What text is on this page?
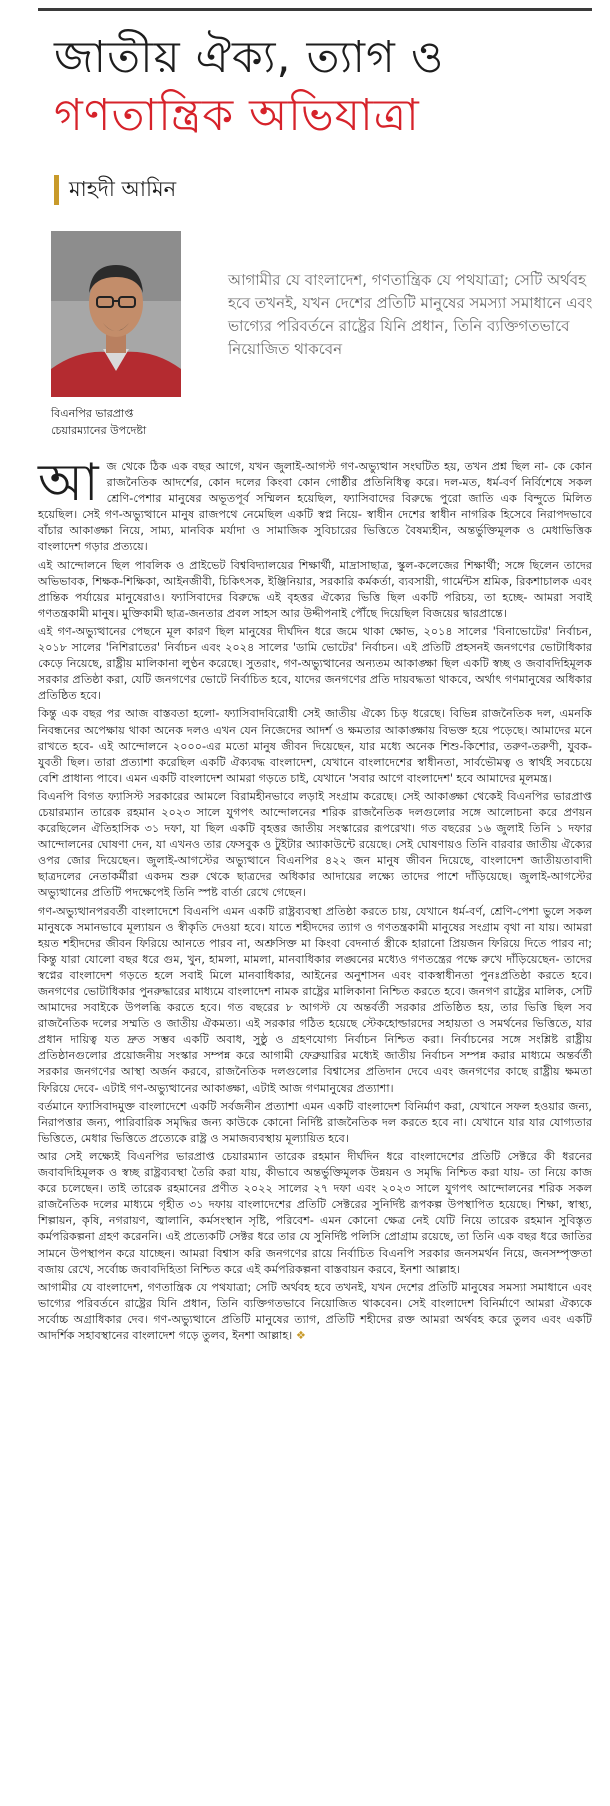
জাতীয় ঐক্য, ত্যাগ ও
গণতান্ত্রিক অভিযাত্রা
মাহদী আমিন
বিএনপির ভারপ্রাপ্ত
চেয়ারম্যানের উপদেষ্টা

আগামীর যে বাংলাদেশ, গণতান্ত্রিক যে পথযাত্রা; সেটি অর্থবহ হবে তখনই, যখন দেশের প্রতিটি মানুষের সমস্যা সমাধানে এবং ভাগ্যের পরিবর্তনে রাষ্ট্রের যিনি প্রধান, তিনি ব্যক্তিগতভাবে নিয়োজিত থাকবেন

আজ থেকে ঠিক এক বছর আগে, যখন জুলাই-আগস্ট গণ-অভ্যুত্থান সংঘটিত হয়, তখন প্রশ্ন ছিল না- কে কোন রাজনৈতিক আদর্শের, কোন দলের কিংবা কোন গোষ্ঠীর প্রতিনিধিত্ব করে। দল-মত, ধর্ম-বর্ণ নির্বিশেষে সকল শ্রেণি-পেশার মানুষের অভূতপূর্ব সম্মিলন হয়েছিল, ফ্যাসিবাদের বিরুদ্ধে পুরো জাতি এক বিন্দুতে মিলিত হয়েছিল। সেই গণ-অভ্যুত্থানে মানুষ রাজপথে নেমেছিল একটি স্বপ্ন নিয়ে- স্বাধীন দেশের স্বাধীন নাগরিক হিসেবে নিরাপদভাবে বাঁচার আকাঙ্ক্ষা নিয়ে, সাম্য, মানবিক মর্যাদা ও সামাজিক সুবিচারের ভিত্তিতে বৈষম্যহীন, অন্তর্ভুক্তিমূলক ও মেধাভিত্তিক বাংলাদেশ গড়ার প্রত্যয়ে।

এই আন্দোলনে ছিল পাবলিক ও প্রাইভেট বিশ্ববিদ্যালয়ের শিক্ষার্থী, মাদ্রাসাছাত্র, স্কুল-কলেজের শিক্ষার্থী; সঙ্গে ছিলেন তাদের অভিভাবক, শিক্ষক-শিক্ষিকা, আইনজীবী, চিকিৎসক, ইঞ্জিনিয়ার, সরকারি কর্মকর্তা, ব্যবসায়ী, গার্মেন্টস শ্রমিক, রিকশাচালক এবং প্রান্তিক পর্যায়ের মানুষেরাও। ফ্যাসিবাদের বিরুদ্ধে এই বৃহত্তর ঐক্যের ভিত্তি ছিল একটি পরিচয়, তা হচ্ছে- আমরা সবাই গণতন্ত্রকামী মানুষ। মুক্তিকামী ছাত্র-জনতার প্রবল সাহস আর উদ্দীপনাই পৌঁছে দিয়েছিল বিজয়ের দ্বারপ্রান্তে।

এই গণ-অভ্যুত্থানের পেছনে মূল কারণ ছিল মানুষের দীর্ঘদিন ধরে জমে থাকা ক্ষোভ, ২০১৪ সালের 'বিনাভোটের' নির্বাচন, ২০১৮ সালের 'নিশিরাতের' নির্বাচন এবং ২০২৪ সালের 'ডামি ভোটের' নির্বাচন। এই প্রতিটি প্রহসনই জনগণের ভোটাধিকার কেড়ে নিয়েছে, রাষ্ট্রীয় মালিকানা লুণ্ঠন করেছে। সুতরাং, গণ-অভ্যুত্থানের অন্যতম আকাঙ্ক্ষা ছিল একটি স্বচ্ছ ও জবাবদিহিমূলক সরকার প্রতিষ্ঠা করা, যেটি জনগণের ভোটে নির্বাচিত হবে, যাদের জনগণের প্রতি দায়বদ্ধতা থাকবে, অর্থাৎ গণমানুষের অধিকার প্রতিষ্ঠিত হবে।

কিন্তু এক বছর পর আজ বাস্তবতা হলো- ফ্যাসিবাদবিরোধী সেই জাতীয় ঐক্যে চিড় ধরেছে। বিভিন্ন রাজনৈতিক দল, এমনকি নিবন্ধনের অপেক্ষায় থাকা অনেক দলও এখন যেন নিজেদের আদর্শ ও ক্ষমতার আকাঙ্ক্ষায় বিভক্ত হয়ে পড়েছে। আমাদের মনে রাখতে হবে- এই আন্দোলনে ২০০০-এর মতো মানুষ জীবন দিয়েছেন, যার মধ্যে অনেক শিশু-কিশোর, তরুণ-তরুণী, যুবক-যুবতী ছিল। তারা প্রত্যাশা করেছিল একটি ঐক্যবদ্ধ বাংলাদেশ, যেখানে বাংলাদেশের স্বাধীনতা, সার্বভৌমত্ব ও স্বার্থই সবচেয়ে বেশি প্রাধান্য পাবে। এমন একটি বাংলাদেশ আমরা গড়তে চাই, যেখানে 'সবার আগে বাংলাদেশ' হবে আমাদের মূলমন্ত্র।

বিএনপি বিগত ফ্যাসিস্ট সরকারের আমলে বিরামহীনভাবে লড়াই সংগ্রাম করেছে। সেই আকাঙ্ক্ষা থেকেই বিএনপির ভারপ্রাপ্ত চেয়ারম্যান তারেক রহমান ২০২৩ সালে যুগপৎ আন্দোলনের শরিক রাজনৈতিক দলগুলোর সঙ্গে আলোচনা করে প্রণয়ন করেছিলেন ঐতিহাসিক ৩১ দফা, যা ছিল একটি বৃহত্তর জাতীয় সংস্কারের রূপরেখা। গত বছরের ১৬ জুলাই তিনি ১ দফার আন্দোলনের ঘোষণা দেন, যা এখনও তার ফেসবুক ও টুইটার অ্যাকাউন্টে রয়েছে। সেই ঘোষণায়ও তিনি বারবার জাতীয় ঐক্যের ওপর জোর দিয়েছেন। জুলাই-আগস্টের অভ্যুত্থানে বিএনপির ৪২২ জন মানুষ জীবন দিয়েছে, বাংলাদেশ জাতীয়তাবাদী ছাত্রদলের নেতাকর্মীরা একদম শুরু থেকে ছাত্রদের অধিকার আদায়ের লক্ষ্যে তাদের পাশে দাঁড়িয়েছে। জুলাই-আগস্টের অভ্যুত্থানের প্রতিটি পদক্ষেপেই তিনি স্পষ্ট বার্তা রেখে গেছেন।

গণ-অভ্যুত্থানপরবর্তী বাংলাদেশে বিএনপি এমন একটি রাষ্ট্রব্যবস্থা প্রতিষ্ঠা করতে চায়, যেখানে ধর্ম-বর্ণ, শ্রেণি-পেশা ভুলে সকল মানুষকে সমানভাবে মূল্যায়ন ও স্বীকৃতি দেওয়া হবে। যাতে শহীদদের ত্যাগ ও গণতন্ত্রকামী মানুষের সংগ্রাম বৃথা না যায়। আমরা হয়ত শহীদদের জীবন ফিরিয়ে আনতে পারব না, অশ্রুসিক্ত মা কিংবা বেদনার্ত স্ত্রীকে হারানো প্রিয়জন ফিরিয়ে দিতে পারব না; কিন্তু যারা যোলো বছর ধরে গুম, খুন, হামলা, মামলা, মানবাধিকার লঙ্ঘনের মধ্যেও গণতন্ত্রের পক্ষে রুখে দাঁড়িয়েছেন- তাদের স্বপ্নের বাংলাদেশ গড়তে হলে সবাই মিলে মানবাধিকার, আইনের অনুশাসন এবং বাকস্বাধীনতা পুনঃপ্রতিষ্ঠা করতে হবে। জনগণের ভোটাধিকার পুনরুদ্ধারের মাধ্যমে বাংলাদেশ নামক রাষ্ট্রের মালিকানা নিশ্চিত করতে হবে। জনগণ রাষ্ট্রের মালিক, সেটি আমাদের সবাইকে উপলব্ধি করতে হবে। গত বছরের ৮ আগস্ট যে অন্তর্বর্তী সরকার প্রতিষ্ঠিত হয়, তার ভিত্তি ছিল সব রাজনৈতিক দলের সম্মতি ও জাতীয় ঐকমত্য। এই সরকার গঠিত হয়েছে স্টেকহোল্ডারদের সহায়তা ও সমর্থনের ভিত্তিতে, যার প্রধান দায়িত্ব যত দ্রুত সম্ভব একটি অবাধ, সুষ্ঠু ও গ্রহণযোগ্য নির্বাচন নিশ্চিত করা। নির্বাচনের সঙ্গে সংশ্লিষ্ট রাষ্ট্রীয় প্রতিষ্ঠানগুলোর প্রয়োজনীয় সংস্কার সম্পন্ন করে আগামী ফেব্রুয়ারির মধ্যেই জাতীয় নির্বাচন সম্পন্ন করার মাধ্যমে অন্তর্বর্তী সরকার জনগণের আস্থা অর্জন করবে, রাজনৈতিক দলগুলোর বিশ্বাসের প্রতিদান দেবে এবং জনগণের কাছে রাষ্ট্রীয় ক্ষমতা ফিরিয়ে দেবে- এটাই গণ-অভ্যুত্থানের আকাঙ্ক্ষা, এটাই আজ গণমানুষের প্রত্যাশা।

বর্তমানে ফ্যাসিবাদমুক্ত বাংলাদেশে একটি সর্বজনীন প্রত্যাশা এমন একটি বাংলাদেশ বিনির্মাণ করা, যেখানে সফল হওয়ার জন্য, নিরাপত্তার জন্য, পারিবারিক সমৃদ্ধির জন্য কাউকে কোনো নির্দিষ্ট রাজনৈতিক দল করতে হবে না। যেখানে যার যার যোগ্যতার ভিত্তিতে, মেধার ভিত্তিতে প্রত্যেকে রাষ্ট্র ও সমাজব্যবস্থায় মূল্যায়িত হবে।

আর সেই লক্ষ্যেই বিএনপির ভারপ্রাপ্ত চেয়ারম্যান তারেক রহমান দীর্ঘদিন ধরে বাংলাদেশের প্রতিটি সেক্টরে কী ধরনের জবাবদিহিমূলক ও স্বচ্ছ রাষ্ট্রব্যবস্থা তৈরি করা যায়, কীভাবে অন্তর্ভুক্তিমূলক উন্নয়ন ও সমৃদ্ধি নিশ্চিত করা যায়- তা নিয়ে কাজ করে চলেছেন। তাই তারেক রহমানের প্রণীত ২০২২ সালের ২৭ দফা এবং ২০২৩ সালে যুগপৎ আন্দোলনের শরিক সকল রাজনৈতিক দলের মাধ্যমে গৃহীত ৩১ দফায় বাংলাদেশের প্রতিটি সেক্টরের সুনির্দিষ্ট রূপকল্প উপস্থাপিত হয়েছে। শিক্ষা, স্বাস্থ্য, শিল্পায়ন, কৃষি, নগরায়ণ, জ্বালানি, কর্মসংস্থান সৃষ্টি, পরিবেশ- এমন কোনো ক্ষেত্র নেই যেটি নিয়ে তারেক রহমান সুবিস্তৃত কর্মপরিকল্পনা গ্রহণ করেননি। এই প্রত্যেকটি সেক্টর ধরে তার যে সুনির্দিষ্ট পলিসি প্রোগ্রাম রয়েছে, তা তিনি এক বছর ধরে জাতির সামনে উপস্থাপন করে যাচ্ছেন। আমরা বিশ্বাস করি জনগণের রায়ে নির্বাচিত বিএনপি সরকার জনসমর্থন নিয়ে, জনসম্পৃক্ততা বজায় রেখে, সর্বোচ্চ জবাবদিহিতা নিশ্চিত করে এই কর্মপরিকল্পনা বাস্তবায়ন করবে, ইনশা আল্লাহ।

আগামীর যে বাংলাদেশ, গণতান্ত্রিক যে পথযাত্রা; সেটি অর্থবহ হবে তখনই, যখন দেশের প্রতিটি মানুষের সমস্যা সমাধানে এবং ভাগ্যের পরিবর্তনে রাষ্ট্রের যিনি প্রধান, তিনি ব্যক্তিগতভাবে নিয়োজিত থাকবেন। সেই বাংলাদেশ বিনির্মাণে আমরা ঐক্যকে সর্বোচ্চ অগ্রাধিকার দেব। গণ-অভ্যুত্থানে প্রতিটি মানুষের ত্যাগ, প্রতিটি শহীদের রক্ত আমরা অর্থবহ করে তুলব এবং একটি আদর্শিক সহাবস্থানের বাংলাদেশ গড়ে তুলব, ইনশা আল্লাহ। ❖
